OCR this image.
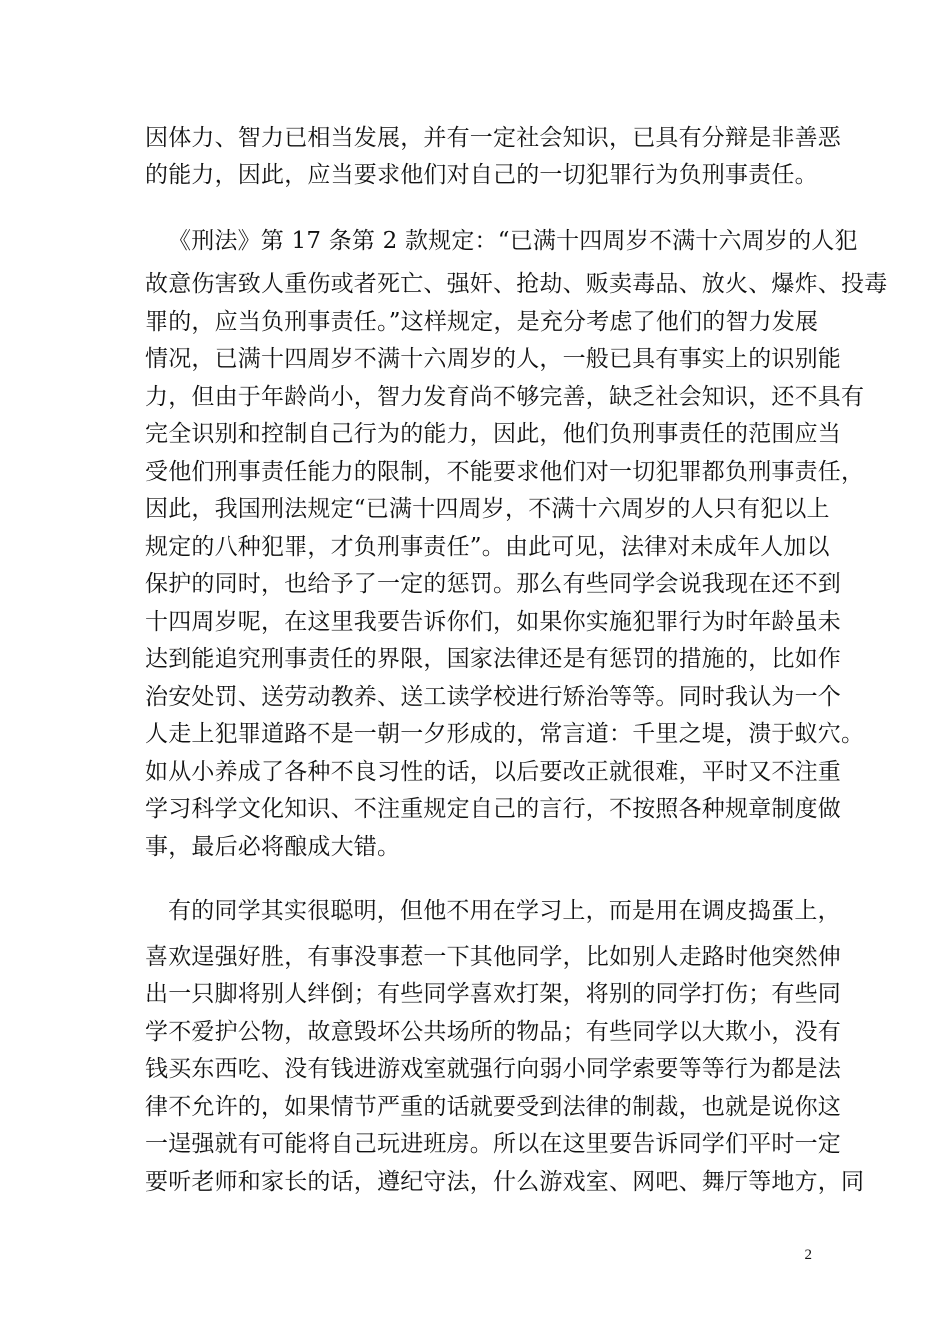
因体力、智力已相当发展，并有一定社会知识，已具有分辩是非善恶
的能力，因此，应当要求他们对自己的一切犯罪行为负刑事责任。
《刑法》第 17 条第 2 款规定：“已满十四周岁不满十六周岁的人犯
故意伤害致人重伤或者死亡、强奸、抢劫、贩卖毒品、放火、爆炸、投毒
罪的，应当负刑事责任。”这样规定，是充分考虑了他们的智力发展
情况，已满十四周岁不满十六周岁的人，一般已具有事实上的识别能
力，但由于年龄尚小，智力发育尚不够完善，缺乏社会知识，还不具有
完全识别和控制自己行为的能力，因此，他们负刑事责任的范围应当
受他们刑事责任能力的限制，不能要求他们对一切犯罪都负刑事责任，
因此，我国刑法规定“已满十四周岁，不满十六周岁的人只有犯以上
规定的八种犯罪，才负刑事责任”。由此可见，法律对未成年人加以
保护的同时，也给予了一定的惩罚。那么有些同学会说我现在还不到
十四周岁呢，在这里我要告诉你们，如果你实施犯罪行为时年龄虽未
达到能追究刑事责任的界限，国家法律还是有惩罚的措施的，比如作
治安处罚、送劳动教养、送工读学校进行矫治等等。同时我认为一个
人走上犯罪道路不是一朝一夕形成的，常言道：千里之堤，溃于蚁穴。
如从小养成了各种不良习性的话，以后要改正就很难，平时又不注重
学习科学文化知识、不注重规定自己的言行，不按照各种规章制度做
事，最后必将酿成大错。
有的同学其实很聪明，但他不用在学习上，而是用在调皮捣蛋上，
喜欢逞强好胜，有事没事惹一下其他同学，比如别人走路时他突然伸
出一只脚将别人绊倒；有些同学喜欢打架，将别的同学打伤；有些同
学不爱护公物，故意毁坏公共场所的物品；有些同学以大欺小，没有
钱买东西吃、没有钱进游戏室就强行向弱小同学索要等等行为都是法
律不允许的，如果情节严重的话就要受到法律的制裁，也就是说你这
一逞强就有可能将自己玩进班房。所以在这里要告诉同学们平时一定
要听老师和家长的话，遵纪守法，什么游戏室、网吧、舞厅等地方，同
2
